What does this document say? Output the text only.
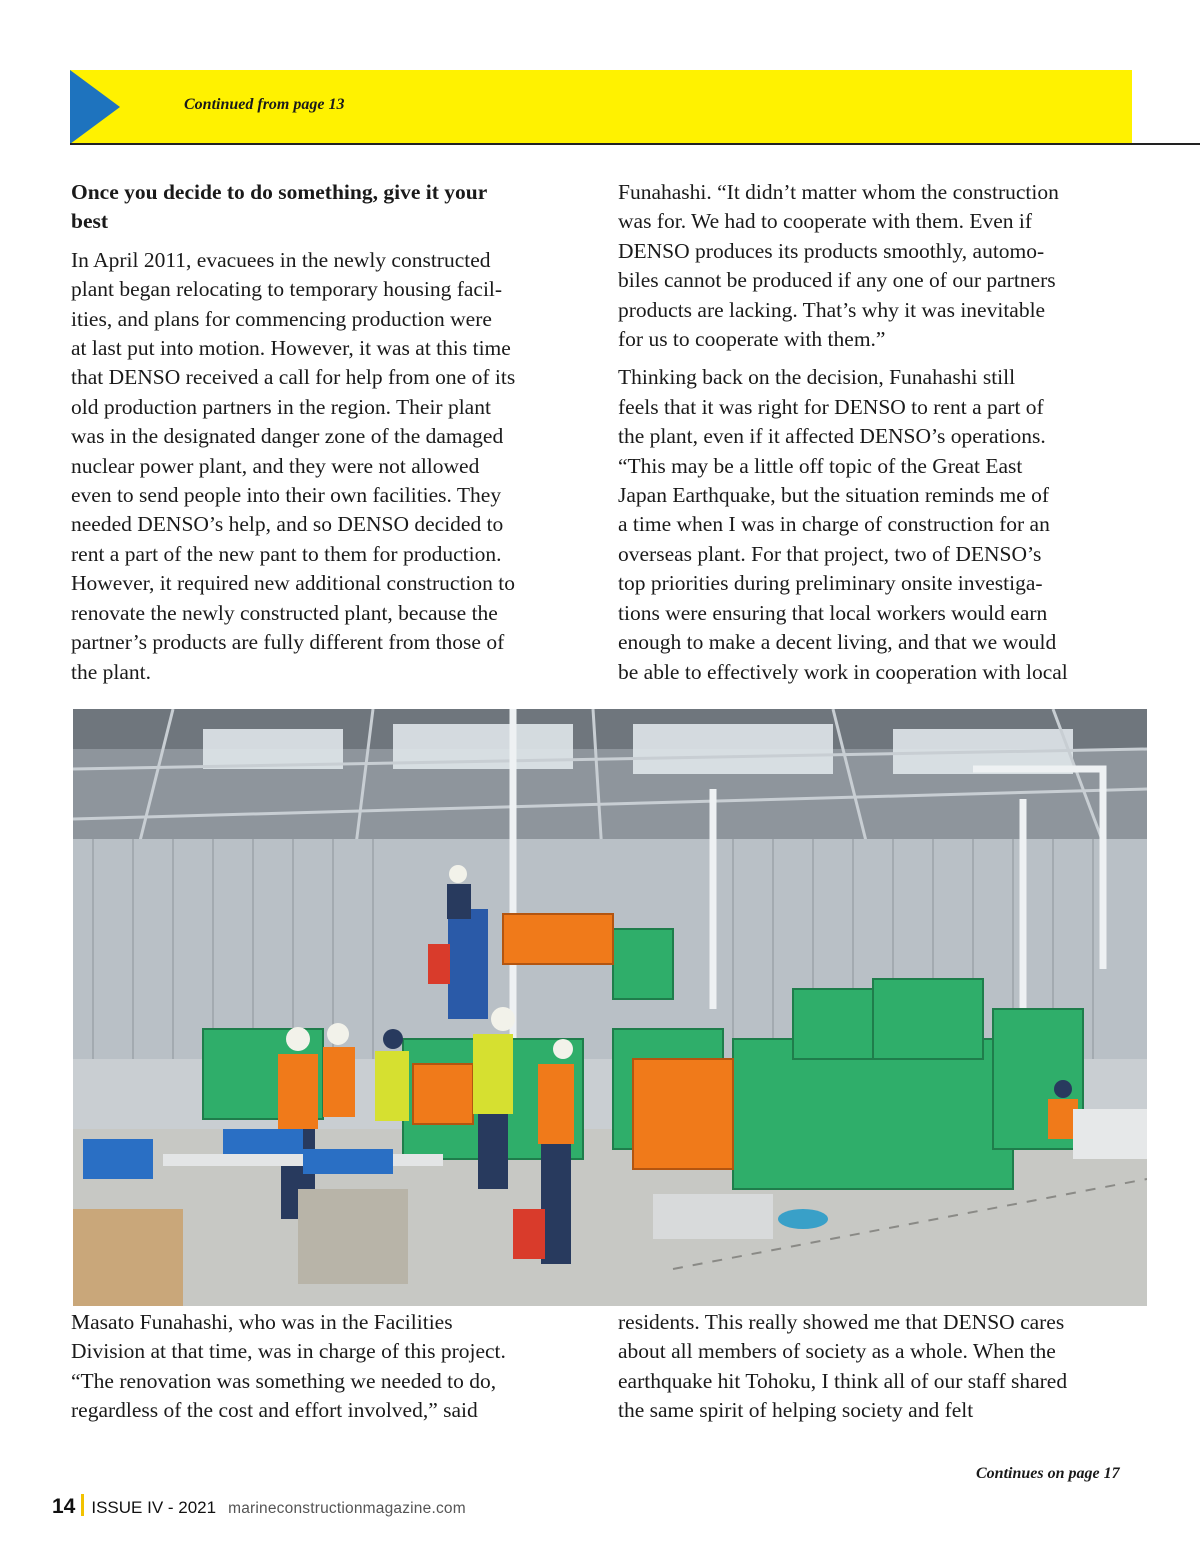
Continued from page 13

Once you decide to do something, give it your
best

In April 2011, evacuees in the newly constructed
plant began relocating to temporary housing facil-
ities, and plans for commencing production were
at last put into motion. However, it was at this time
that DENSO received a call for help from one of its
old production partners in the region. Their plant
was in the designated danger zone of the damaged
nuclear power plant, and they were not allowed
even to send people into their own facilities. They
needed DENSO’s help, and so DENSO decided to
rent a part of the new pant to them for production.
However, it required new additional construction to
renovate the newly constructed plant, because the
partner’s products are fully different from those of
the plant.

Funahashi. “It didn’t matter whom the construction
was for. We had to cooperate with them. Even if
DENSO produces its products smoothly, automo-
biles cannot be produced if any one of our partners
products are lacking. That’s why it was inevitable
for us to cooperate with them.”

Thinking back on the decision, Funahashi still
feels that it was right for DENSO to rent a part of
the plant, even if it affected DENSO’s operations.
“This may be a little off topic of the Great East
Japan Earthquake, but the situation reminds me of
a time when I was in charge of construction for an
overseas plant. For that project, two of DENSO’s
top priorities during preliminary onsite investiga-
tions were ensuring that local workers would earn
enough to make a decent living, and that we would
be able to effectively work in cooperation with local

Masato Funahashi, who was in the Facilities
Division at that time, was in charge of this project.
“The renovation was something we needed to do,
regardless of the cost and effort involved,” said

residents. This really showed me that DENSO cares
about all members of society as a whole. When the
earthquake hit Tohoku, I think all of our staff shared
the same spirit of helping society and felt

Continues on page 17
14 ISSUE IV - 2021 marineconstructionmagazine.com
